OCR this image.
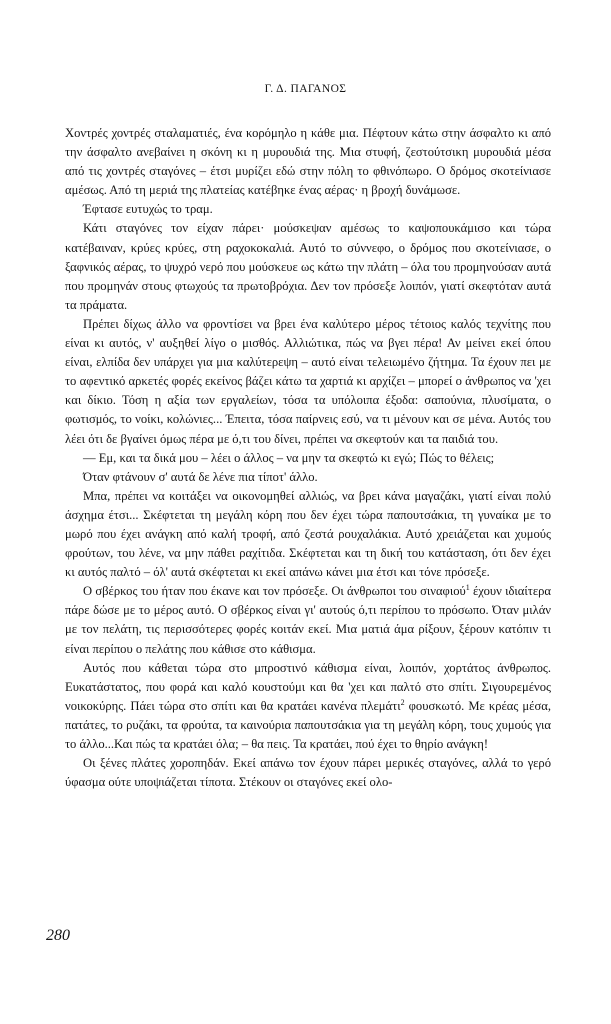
Γ. Δ. ΠΑΓΑΝΟΣ

Χοντρές χοντρές σταλαματιές, ένα κορόμηλο η κάθε μια. Πέφτουν κάτω στην άσφαλτο κι από την άσφαλτο ανεβαίνει η σκόνη κι η μυρουδιά της. Μια στυφή, ζεστούτσικη μυρουδιά μέσα από τις χοντρές σταγόνες – έτσι μυρίζει εδώ στην πόλη το φθινόπωρο. Ο δρόμος σκοτείνιασε αμέσως. Από τη μεριά της πλατείας κατέβηκε ένας αέρας· η βροχή δυνάμωσε.

Έφτασε ευτυχώς το τραμ.

Κάτι σταγόνες τον είχαν πάρει· μούσκεψαν αμέσως το καψοπουκάμισο και τώρα κατέβαιναν, κρύες κρύες, στη ραχοκοκαλιά. Αυτό το σύννεφο, ο δρόμος που σκοτείνιασε, ο ξαφνικός αέρας, το ψυχρό νερό που μούσκευε ως κάτω την πλάτη – όλα του προμηνούσαν αυτά που προμηνάν στους φτωχούς τα πρωτοβρόχια. Δεν τον πρόσεξε λοιπόν, γιατί σκεφτόταν αυτά τα πράματα.

Πρέπει δίχως άλλο να φροντίσει να βρει ένα καλύτερο μέρος τέτοιος καλός τεχνίτης που είναι κι αυτός, ν' αυξηθεί λίγο ο μισθός. Αλλιώτικα, πώς να βγει πέρα! Αν μείνει εκεί όπου είναι, ελπίδα δεν υπάρχει για μια καλύτερεψη – αυτό είναι τελειωμένο ζήτημα. Τα έχουν πει με το αφεντικό αρκετές φορές εκείνος βάζει κάτω τα χαρτιά κι αρχίζει – μπορεί ο άνθρωπος να 'χει και δίκιο. Τόση η αξία των εργαλείων, τόσα τα υπόλοιπα έξοδα: σαπούνια, πλυσίματα, ο φωτισμός, το νοίκι, κολώνιες... Έπειτα, τόσα παίρνεις εσύ, να τι μένουν και σε μένα. Αυτός του λέει ότι δε βγαίνει όμως πέρα με ό,τι του δίνει, πρέπει να σκεφτούν και τα παιδιά του.

— Εμ, και τα δικά μου – λέει ο άλλος – να μην τα σκεφτώ κι εγώ; Πώς το θέλεις;

Όταν φτάνουν σ' αυτά δε λένε πια τίποτ' άλλο.

Μπα, πρέπει να κοιτάξει να οικονομηθεί αλλιώς, να βρει κάνα μαγαζάκι, γιατί είναι πολύ άσχημα έτσι... Σκέφτεται τη μεγάλη κόρη που δεν έχει τώρα παπουτσάκια, τη γυναίκα με το μωρό που έχει ανάγκη από καλή τροφή, από ζεστά ρουχαλάκια. Αυτό χρειάζεται και χυμούς φρούτων, του λένε, να μην πάθει ραχίτιδα. Σκέφτεται και τη δική του κατάσταση, ότι δεν έχει κι αυτός παλτό – όλ' αυτά σκέφτεται κι εκεί απάνω κάνει μια έτσι και τόνε πρόσεξε.

Ο σβέρκος του ήταν που έκανε και τον πρόσεξε. Οι άνθρωποι του σιναφιού$^1$ έχουν ιδιαίτερα πάρε δώσε με το μέρος αυτό. Ο σβέρκος είναι γι' αυτούς ό,τι περίπου το πρόσωπο. Όταν μιλάν με τον πελάτη, τις περισσότερες φορές κοιτάν εκεί. Μια ματιά άμα ρίξουν, ξέρουν κατόπιν τι είναι περίπου ο πελάτης που κάθισε στο κάθισμα.

Αυτός που κάθεται τώρα στο μπροστινό κάθισμα είναι, λοιπόν, χορτάτος άνθρωπος. Ευκατάστατος, που φορά και καλό κουστούμι και θα 'χει και παλτό στο σπίτι. Σιγουρεμένος νοικοκύρης. Πάει τώρα στο σπίτι και θα κρατάει κανένα πλεμάτι$^2$ φουσκωτό. Με κρέας μέσα, πατάτες, το ρυζάκι, τα φρούτα, τα καινούρια παπουτσάκια για τη μεγάλη κόρη, τους χυμούς για το άλλο...Και πώς τα κρατάει όλα; – θα πεις. Τα κρατάει, πού έχει το θηρίο ανάγκη!

Οι ξένες πλάτες χοροπηδάν. Εκεί απάνω τον έχουν πάρει μερικές σταγόνες, αλλά το γερό ύφασμα ούτε υποψιάζεται τίποτα. Στέκουν οι σταγόνες εκεί ολο-

280
